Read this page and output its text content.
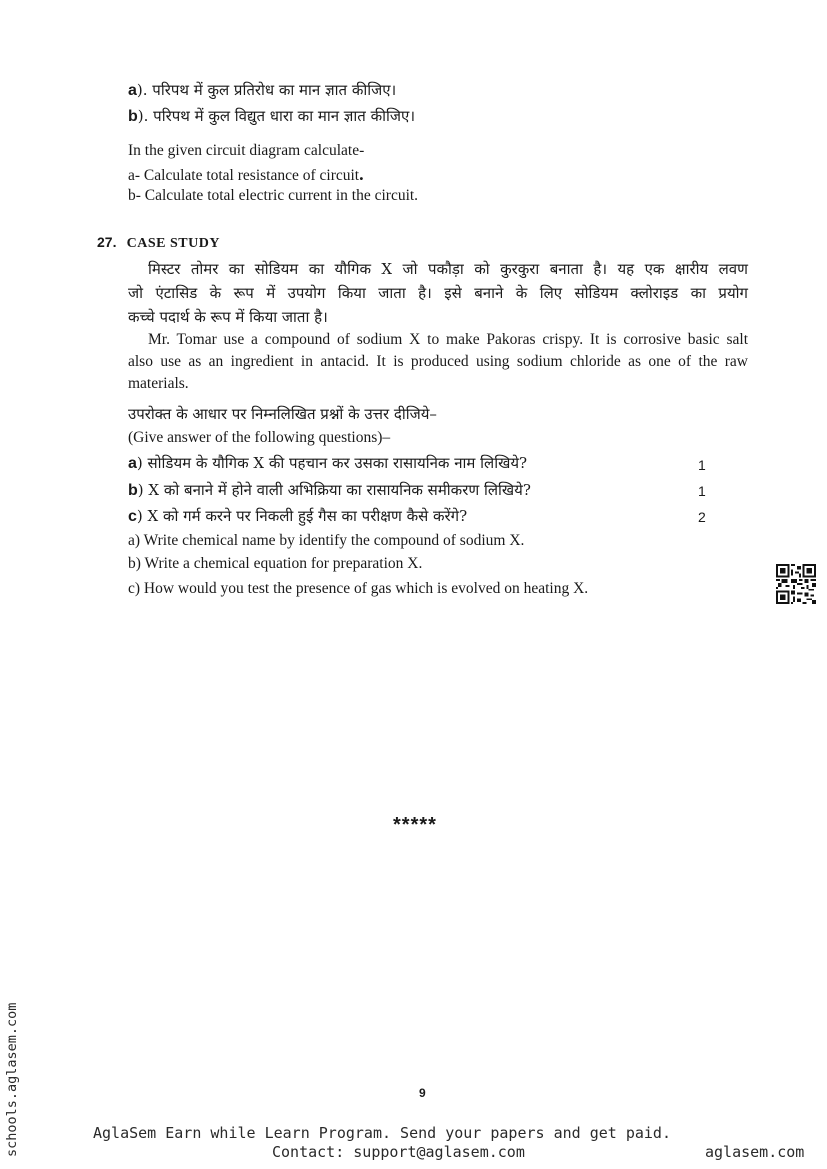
a). परिपथ में कुल प्रतिरोध का मान ज्ञात कीजिए।
b). परिपथ में कुल विद्युत धारा का मान ज्ञात कीजिए।
In the given circuit diagram calculate-
a- Calculate total resistance of circuit.
b- Calculate total electric current in the circuit.
27. CASE STUDY
मिस्टर तोमर का सोडियम का यौगिक X जो पकौड़ा को कुरकुरा बनाता है। यह एक क्षारीय लवण
जो एंटासिड के रूप में उपयोग किया जाता है। इसे बनाने के लिए सोडियम क्लोराइड का प्रयोग
कच्चे पदार्थ के रूप में किया जाता है।
Mr. Tomar use a compound of sodium X to make Pakoras crispy. It is corrosive basic salt
also use as an ingredient in antacid. It is produced using sodium chloride as one of the raw
materials.
उपरोक्त के आधार पर निम्नलिखित प्रश्नों के उत्तर दीजिये–
(Give answer of the following questions)–
a) सोडियम के यौगिक X की पहचान कर उसका रासायनिक नाम लिखिये?	1
b) X को बनाने में होने वाली अभिक्रिया का रासायनिक समीकरण लिखिये?	1
c) X को गर्म करने पर निकली हुई गैस का परीक्षण कैसे करेंगे?	2
a) Write chemical name by identify the compound of sodium X.
b) Write a chemical equation for preparation X.
c) How would you test the presence of gas which is evolved on heating X.
*****
9
AglaSem Earn while Learn Program. Send your papers and get paid.
Contact: support@aglasem.com	aglasem.com
schools.aglasem.com
